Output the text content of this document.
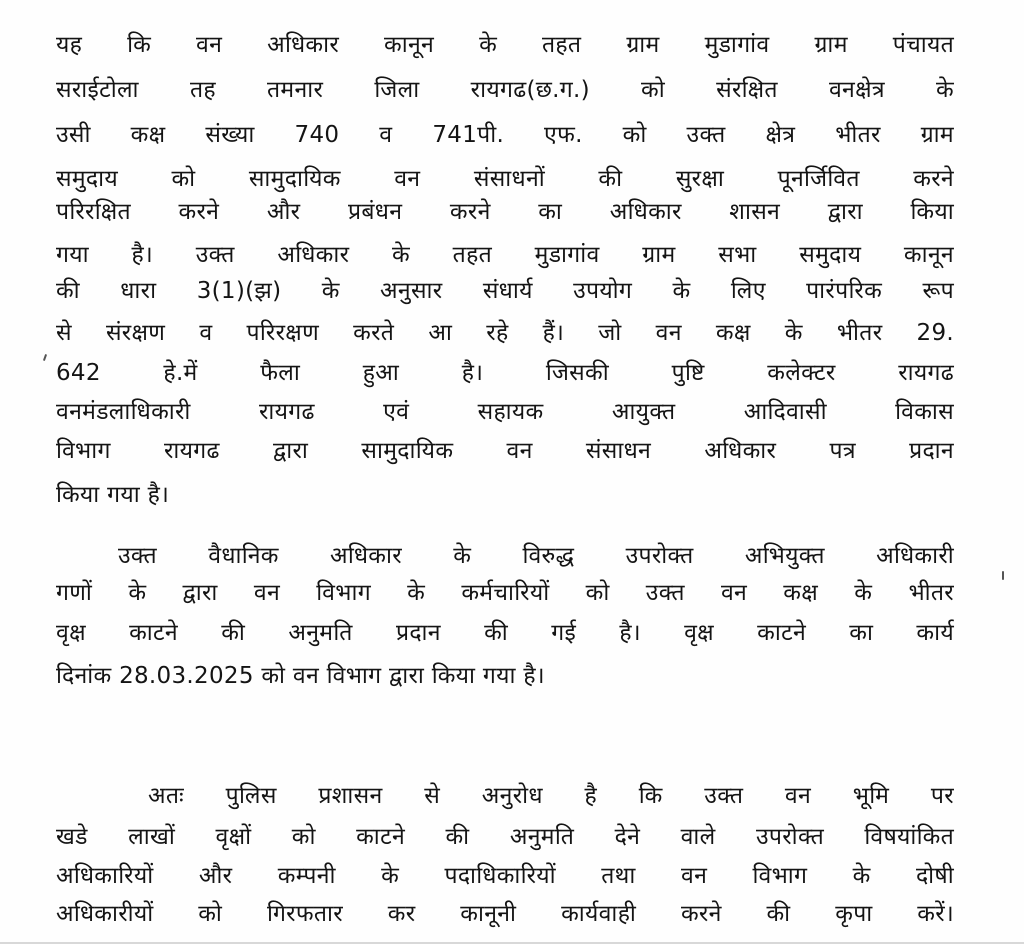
यह कि वन अधिकार कानून के तहत ग्राम मुडागांव ग्राम पंचायत
सराईटोला तह तमनार जिला रायगढ(छ.ग.) को संरक्षित वनक्षेत्र के
उसी कक्ष संख्या 740 व 741पी. एफ. को उक्त क्षेत्र भीतर ग्राम
समुदाय को सामुदायिक वन संसाधनों की सुरक्षा पूनर्जिवित करने
परिरक्षित करने और प्रबंधन करने का अधिकार शासन द्वारा किया
गया है। उक्त अधिकार के तहत मुडागांव ग्राम सभा समुदाय कानून
की धारा 3(1)(झ) के अनुसार संधार्य उपयोग के लिए पारंपरिक रूप
से संरक्षण व परिरक्षण करते आ रहे हैं। जो वन कक्ष के भीतर 29.
642 हे.में फैला हुआ है। जिसकी पुष्टि कलेक्टर रायगढ
वनमंडलाधिकारी रायगढ एवं सहायक आयुक्त आदिवासी विकास
विभाग रायगढ द्वारा सामुदायिक वन संसाधन अधिकार पत्र प्रदान
किया गया है।
उक्त वैधानिक अधिकार के विरुद्ध उपरोक्त अभियुक्त अधिकारी
गणों के द्वारा वन विभाग के कर्मचारियों को उक्त वन कक्ष के भीतर
वृक्ष काटने की अनुमति प्रदान की गई है। वृक्ष काटने का कार्य
दिनांक 28.03.2025 को वन विभाग द्वारा किया गया है।
अतः पुलिस प्रशासन से अनुरोध है कि उक्त वन भूमि पर
खडे लाखों वृक्षों को काटने की अनुमति देने वाले उपरोक्त विषयांकित
अधिकारियों और कम्पनी के पदाधिकारियों तथा वन विभाग के दोषी
अधिकारीयों को गिरफतार कर कानूनी कार्यवाही करने की कृपा करें।
